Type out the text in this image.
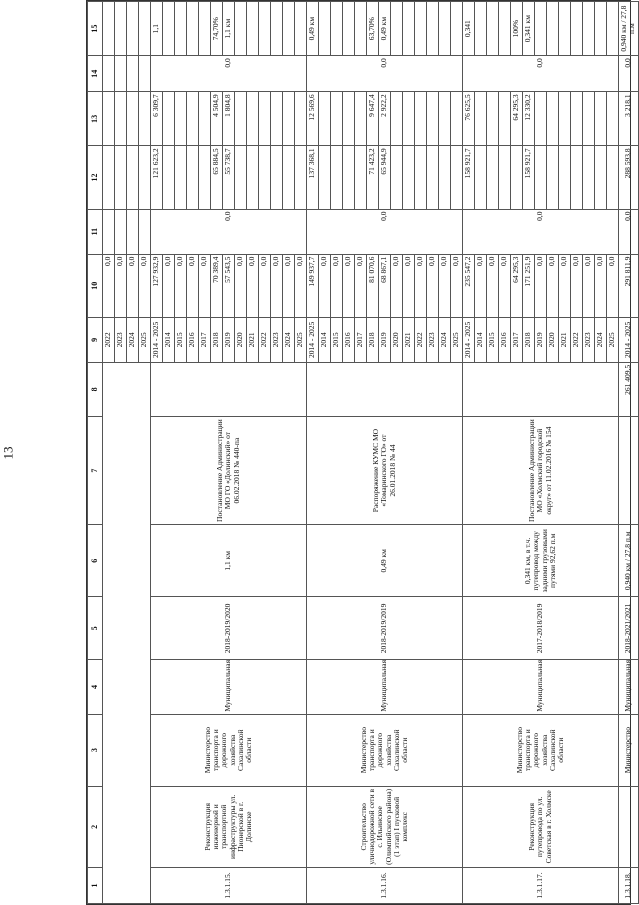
13
1	2	3	4	5	6	7	8	9	10	11	12	13	14	15
								2022	0,0					
								2023	0,0					
								2024	0,0					
								2025	0,0					
1.3.1.15.	Реконструкция инженерной и транспортной инфраструктуры ул. Пионерской в г. Долинске	Министерство транспорта и дорожного хозяйства Сахалинской области	Муниципальная	2018-2019/2020	1,1 км	Постановление Администрации МО ГО «Долинский» от 06.02.2018 № 440-па		2014 - 2025	127 932,9	0,0	121 623,2	6 309,7	0,0	1,1
								2014	0,0					
								2015	0,0					
								2016	0,0					
								2017	0,0					
								2018	70 389,4		65 884,5	4 504,9		74,70%
								2019	57 543,5		55 738,7	1 804,8		1,1 км
								2020	0,0					
								2021	0,0					
								2022	0,0					
								2023	0,0					
								2024	0,0					
								2025	0,0					
1.3.1.16.	Строительство уличнодорожной сети в с. Ильинское (Олимпийского района) (1 этап) I пусковой комплекс	Министерство транспорта и дорожного хозяйства Сахалинской области	Муниципальная	2018-2019/2019	0,49 км	Распоряжение КУМС МО «Томаринского ГО» от 26.01.2018 № 44		2014 - 2025	149 937,7	0,0	137 368,1	12 569,6	0,0	0,49 км
								2014	0,0					
								2015	0,0					
								2016	0,0					
								2017	0,0					
								2018	81 070,6		71 423,2	9 647,4		63,70%
								2019	68 867,1		65 944,9	2 922,2		0,49 км
								2020	0,0					
								2021	0,0					
								2022	0,0					
								2023	0,0					
								2024	0,0					
								2025	0,0					
1.3.1.17.	Реконструкция путепровода по ул. Советская в г. Холмске	Министерство транспорта и дорожного хозяйства Сахалинской области	Муниципальная	2017-2018/2019	0,341 км, в т.ч. путепровод между задними грузовыми путями 92,62 п.м	Постановление Администрации МО «Холмский городской округ» от 11.02.2016 № 154		2014 - 2025	235 547,2	0,0	158 921,7	76 625,5	0,0	0,341
								2014	0,0					
								2015	0,0					
								2016	0,0					
								2017	64 295,3			64 295,3		100%
								2018	171 251,9		158 921,7	12 330,2		0,341 км
								2019	0,0					
								2020	0,0					
								2021	0,0					
								2022	0,0					
								2023	0,0					
								2024	0,0					
								2025	0,0					
1.3.1.18.		Министерство	Муниципальная	2018-2021/2021	0,940 км / 27,8 п.м		261 409,5	2014 - 2025	291 811,9	0,0	288 593,8	3 218,1	0,0	0,940 км / 27,8 п.м
